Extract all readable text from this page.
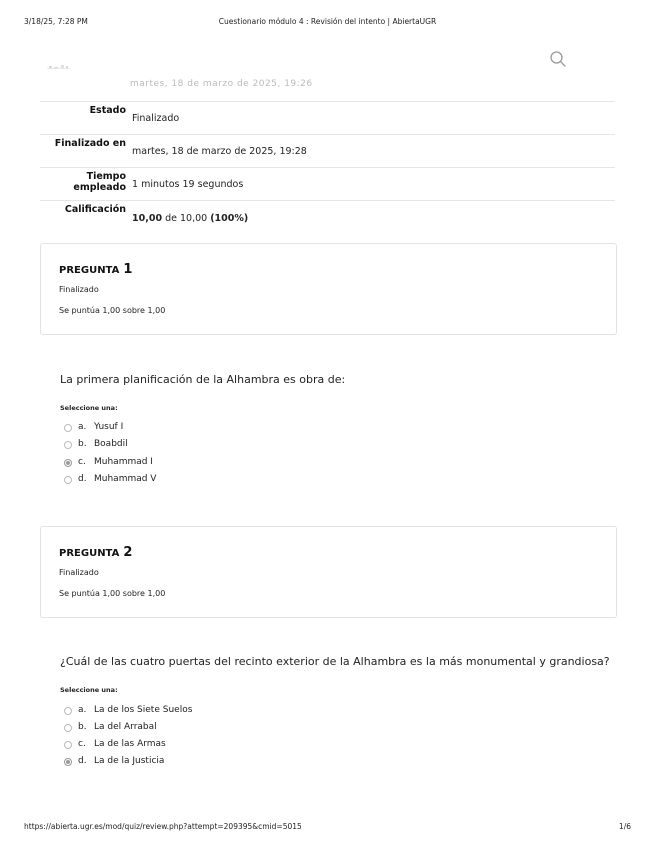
3/18/25, 7:28 PM	Cuestionario módulo 4 : Revisión del intento | AbiertaUGR
martes, 18 de marzo de 2025, 19:26
Estado
Finalizado
Finalizado en
martes, 18 de marzo de 2025, 19:28
Tiempo empleado 1 minutos 19 segundos
Calificación
10,00 de 10,00 (100%)
PREGUNTA 1
Finalizado
Se puntúa 1,00 sobre 1,00
La primera planificación de la Alhambra es obra de:
Seleccione una:
a. Yusuf I
b. Boabdil
c. Muhammad I
d. Muhammad V
PREGUNTA 2
Finalizado
Se puntúa 1,00 sobre 1,00
¿Cuál de las cuatro puertas del recinto exterior de la Alhambra es la más monumental y grandiosa?
Seleccione una:
a. La de los Siete Suelos
b. La del Arrabal
c. La de las Armas
d. La de la Justicia
https://abierta.ugr.es/mod/quiz/review.php?attempt=209395&cmid=5015	1/6
